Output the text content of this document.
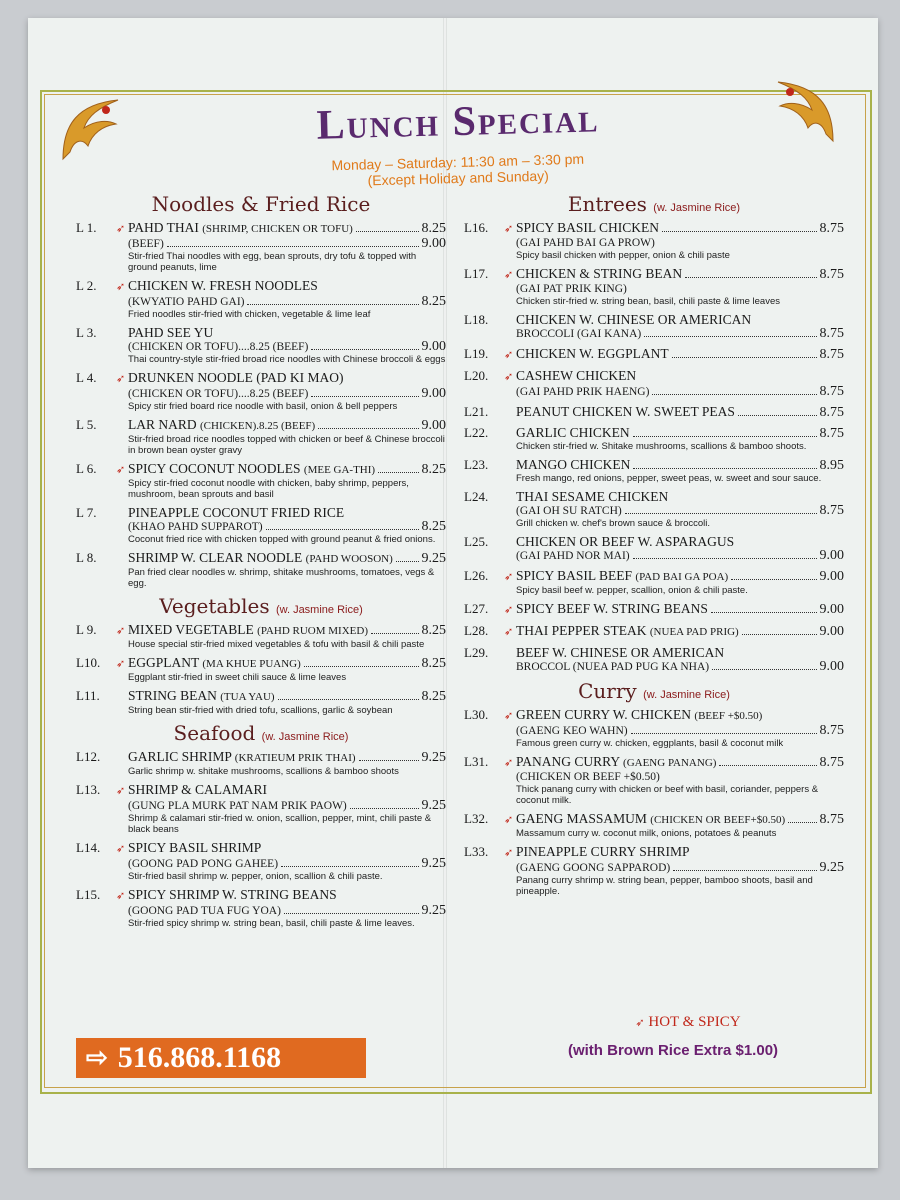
Lunch Special
Monday – Saturday: 11:30 am – 3:30 pm
(Except Holiday and Sunday)
Noodles & Fried Rice
L 1.	➶ PAHD THAI (SHRIMP, CHICKEN OR TOFU)	8.25
(BEEF)	9.00
Stir-fried Thai noodles with egg, bean sprouts, dry tofu & topped with ground peanuts, lime
L 2.	➶ CHICKEN W. FRESH NOODLES
(KWYATIO PAHD GAI)	8.25
Fried noodles stir-fried with chicken, vegetable & lime leaf
L 3.	PAHD SEE YU
(CHICKEN OR TOFU)....8.25 (BEEF)	9.00
Thai country-style stir-fried broad rice noodles with Chinese broccoli & eggs
L 4.	➶ DRUNKEN NOODLE (PAD KI MAO)
(CHICKEN OR TOFU)....8.25 (BEEF)	9.00
Spicy stir fried board rice noodle with basil, onion & bell peppers
L 5.	LAR NARD (CHICKEN).8.25 (BEEF)	9.00
Stir-fried broad rice noodles topped with chicken or beef & Chinese broccoli in brown bean oyster gravy
L 6.	➶ SPICY COCONUT NOODLES (MEE GA-THI)	8.25
Spicy stir-fried coconut noodle with chicken, baby shrimp, peppers, mushroom, bean sprouts and basil
L 7.	PINEAPPLE COCONUT FRIED RICE
(KHAO PAHD SUPPAROT)	8.25
Coconut fried rice with chicken topped with ground peanut & fried onions.
L 8.	SHRIMP W. CLEAR NOODLE (PAHD WOOSON) 9.25
Pan fried clear noodles w. shrimp, shitake mushrooms, tomatoes, vegs & egg.
Vegetables (w. Jasmine Rice)
L 9.	➶ MIXED VEGETABLE (PAHD RUOM MIXED)	8.25
House special stir-fried mixed vegetables & tofu with basil & chili paste
L10.	➶ EGGPLANT (MA KHUE PUANG)	8.25
Eggplant stir-fried in sweet chili sauce & lime leaves
L11.	STRING BEAN (TUA YAU)	8.25
String bean stir-fried with dried tofu, scallions, garlic & soybean
Seafood (w. Jasmine Rice)
L12.	GARLIC SHRIMP (KRATIEUM PRIK THAI)	9.25
Garlic shrimp w. shitake mushrooms, scallions & bamboo shoots
L13.	➶ SHRIMP & CALAMARI
(GUNG PLA MURK PAT NAM PRIK PAOW)	9.25
Shrimp & calamari stir-fried w. onion, scallion, pepper, mint, chili paste & black beans
L14.	➶ SPICY BASIL SHRIMP
(GOONG PAD PONG GAHEE)	9.25
Stir-fried basil shrimp w. pepper, onion, scallion & chili paste.
L15.	➶ SPICY SHRIMP W. STRING BEANS
(GOONG PAD TUA FUG YOA)	9.25
Stir-fried spicy shrimp w. string bean, basil, chili paste & lime leaves.
Entrees (w. Jasmine Rice)
L16.	➶ SPICY BASIL CHICKEN	8.75
(GAI PAHD BAI GA PROW)
Spicy basil chicken with pepper, onion & chili paste
L17.	➶ CHICKEN & STRING BEAN	8.75
(GAI PAT PRIK KING)
Chicken stir-fried w. string bean, basil, chili paste & lime leaves
L18.	CHICKEN W. CHINESE OR AMERICAN
BROCCOLI (GAI KANA)	8.75
L19.	➶ CHICKEN W. EGGPLANT	8.75
L20.	➶ CASHEW CHICKEN
(GAI PAHD PRIK HAENG)	8.75
L21.	PEANUT CHICKEN W. SWEET PEAS	8.75
L22.	GARLIC CHICKEN	8.75
Chicken stir-fried w. Shitake mushrooms, scallions & bamboo shoots.
L23.	MANGO CHICKEN	8.95
Fresh mango, red onions, pepper, sweet peas, w. sweet and sour sauce.
L24.	THAI SESAME CHICKEN
(GAI OH SU RATCH)	8.75
Grill chicken w. chef's brown sauce & broccoli.
L25.	CHICKEN OR BEEF W. ASPARAGUS
(GAI PAHD NOR MAI)	9.00
L26.	➶ SPICY BASIL BEEF (PAD BAI GA POA)	9.00
Spicy basil beef w. pepper, scallion, onion & chili paste.
L27.	➶ SPICY BEEF W. STRING BEANS	9.00
L28.	➶ THAI PEPPER STEAK (NUEA PAD PRIG)	9.00
L29.	BEEF W. CHINESE OR AMERICAN
BROCCOL (NUEA PAD PUG KA NHA)	9.00
Curry (w. Jasmine Rice)
L30.	➶ GREEN CURRY W. CHICKEN (BEEF +$0.50)
(GAENG KEO WAHN)	8.75
Famous green curry w. chicken, eggplants, basil & coconut milk
L31.	➶ PANANG CURRY (GAENG PANANG)	8.75
(CHICKEN OR BEEF +$0.50)
Thick panang curry with chicken or beef with basil, coriander, peppers & coconut milk.
L32.	➶ GAENG MASSAMUM (CHICKEN OR BEEF+$0.50) 8.75
Massamum curry w. coconut milk, onions, potatoes & peanuts
L33.	➶ PINEAPPLE CURRY SHRIMP
(GAENG GOONG SAPPAROD)	9.25
Panang curry shrimp w. string bean, pepper, bamboo shoots, basil and pineapple.
⇨ 516.868.1168
➶ HOT & SPICY
(with Brown Rice Extra $1.00)
